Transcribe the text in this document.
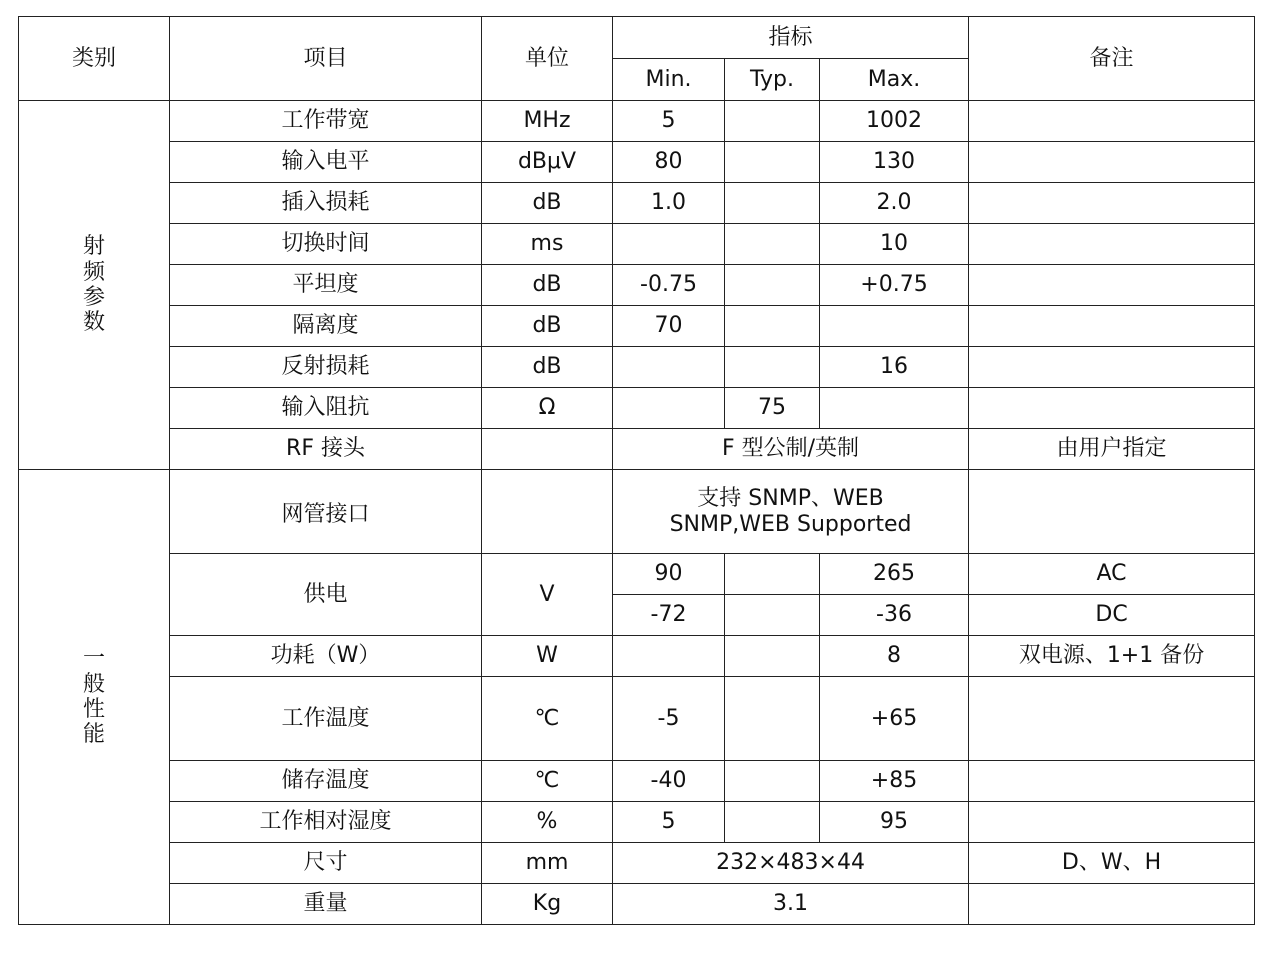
类别	项目	单位	指标			备注
			Min.	Typ.	Max.	
射
频
参
数	工作带宽	MHz	5		1002	
	输入电平	dBμV	80		130	
	插入损耗	dB	1.0		2.0	
	切换时间	ms			10	
	平坦度	dB	-0.75		+0.75	
	隔离度	dB	70			
	反射损耗	dB			16	
	输入阻抗	Ω		75		
	RF 接头		F 型公制/英制			由用户指定
一
般
性
能	网管接口		支持 SNMP、WEB
SNMP,WEB Supported			
	供电	V	90		265	AC
			-72		-36	DC
	功耗（W）	W			8	双电源、1+1 备份
	工作温度	℃	-5		+65	
	储存温度	℃	-40		+85	
	工作相对湿度	%	5		95	
	尺寸	mm	232×483×44			D、W、H
	重量	Kg	3.1			
